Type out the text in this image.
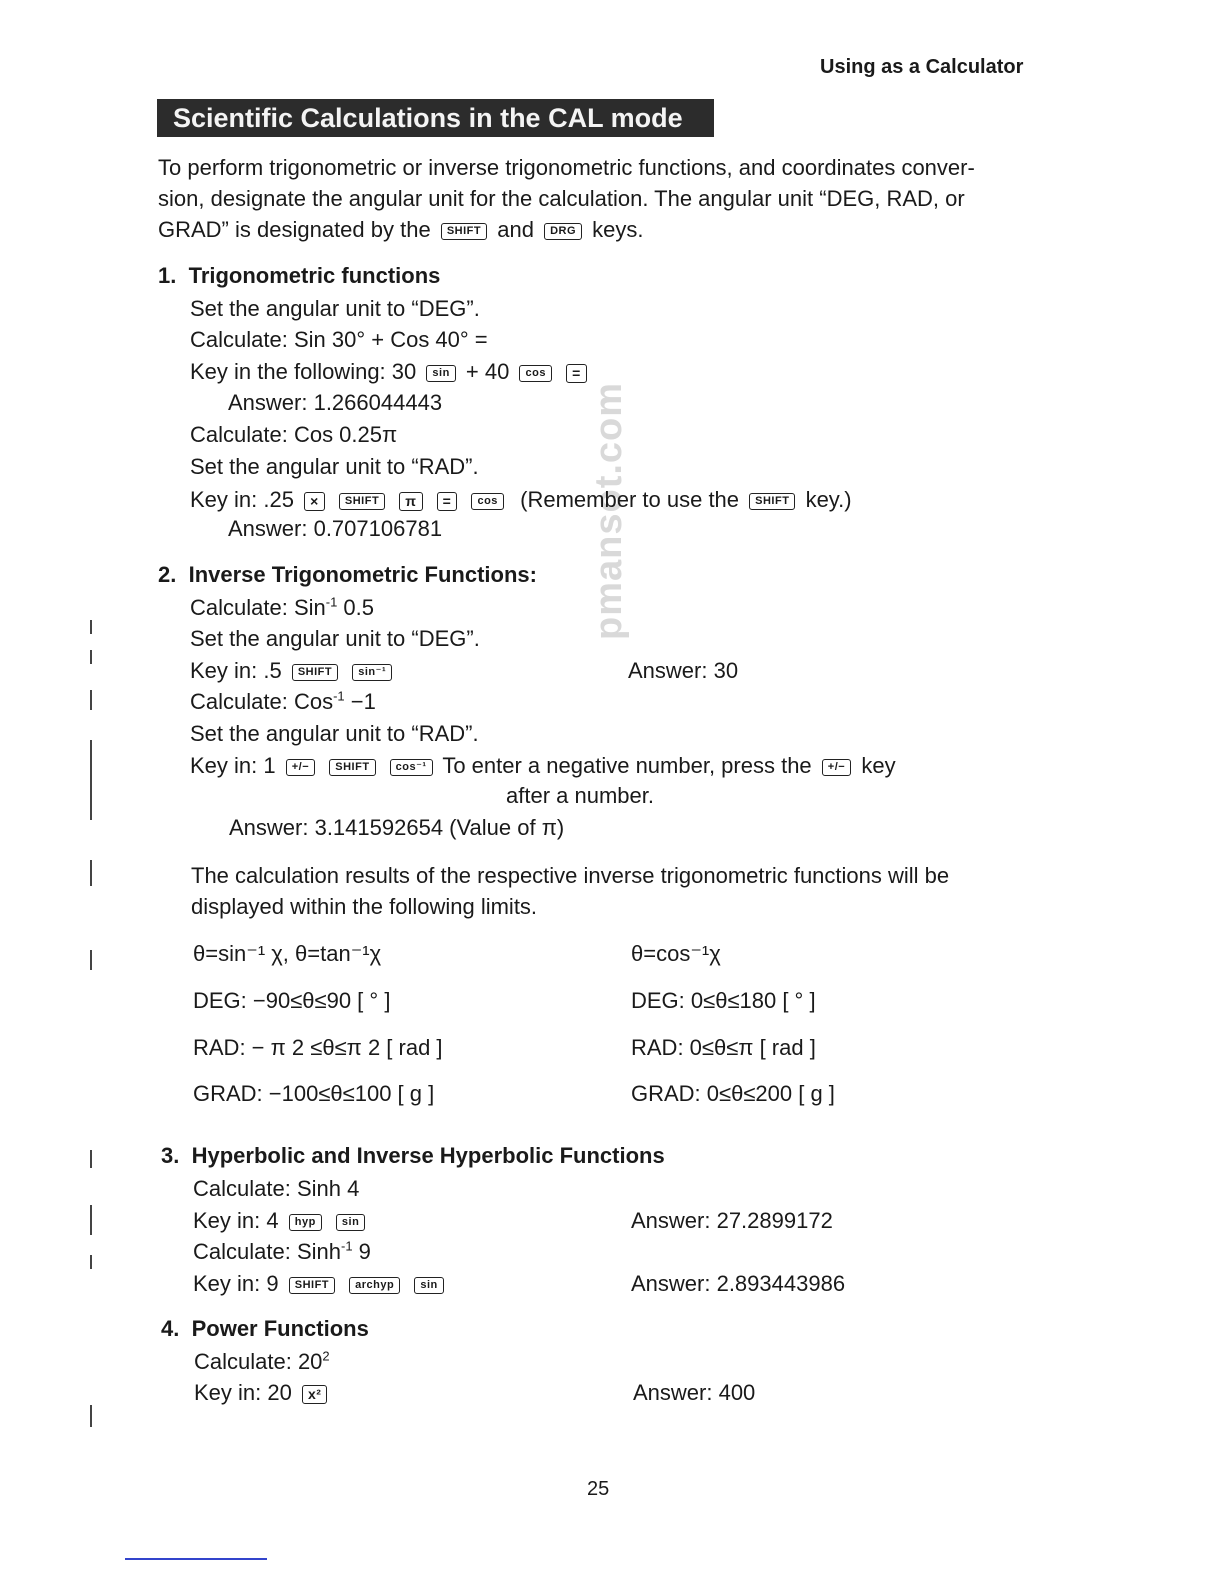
Using as a Calculator
Scientific Calculations in the CAL mode
pmansot.com
To perform trigonometric or inverse trigonometric functions, and coordinates conver-
sion, designate the angular unit for the calculation. The angular unit “DEG, RAD, or
GRAD” is designated by the SHIFT and DRG keys.
1. Trigonometric functions
Set the angular unit to “DEG”.
Calculate: Sin 30° + Cos 40° =
Key in the following: 30 sin + 40 cos =
Answer: 1.266044443
Calculate: Cos 0.25π
Set the angular unit to “RAD”.
Key in: .25 × SHIFT π = cos (Remember to use the SHIFT key.)
Answer: 0.707106781
2. Inverse Trigonometric Functions:
Calculate: Sin$^{-1}$ 0.5
Set the angular unit to “DEG”.
Key in: .5 SHIFT sin⁻¹	Answer: 30
Calculate: Cos$^{-1}$ −1
Set the angular unit to “RAD”.
Key in: 1 +/− SHIFT cos⁻¹ To enter a negative number, press the +/− key
after a number.
Answer: 3.141592654 (Value of π)
The calculation results of the respective inverse trigonometric functions will be
displayed within the following limits.
θ=sin⁻¹ χ, θ=tan⁻¹χ	θ=cos⁻¹χ
DEG: −90≤θ≤90 [ ° ]	DEG: 0≤θ≤180 [ ° ]
RAD: − π 2 ≤θ≤π 2 [ rad ]	RAD: 0≤θ≤π [ rad ]
GRAD: −100≤θ≤100 [ g ]	GRAD: 0≤θ≤200 [ g ]
3. Hyperbolic and Inverse Hyperbolic Functions
Calculate: Sinh 4
Key in: 4 hyp sin	Answer: 27.2899172
Calculate: Sinh$^{-1}$ 9
Key in: 9 SHIFT archyp sin	Answer: 2.893443986
4. Power Functions
Calculate: $20^2$
Key in: 20 x²	Answer: 400
25
